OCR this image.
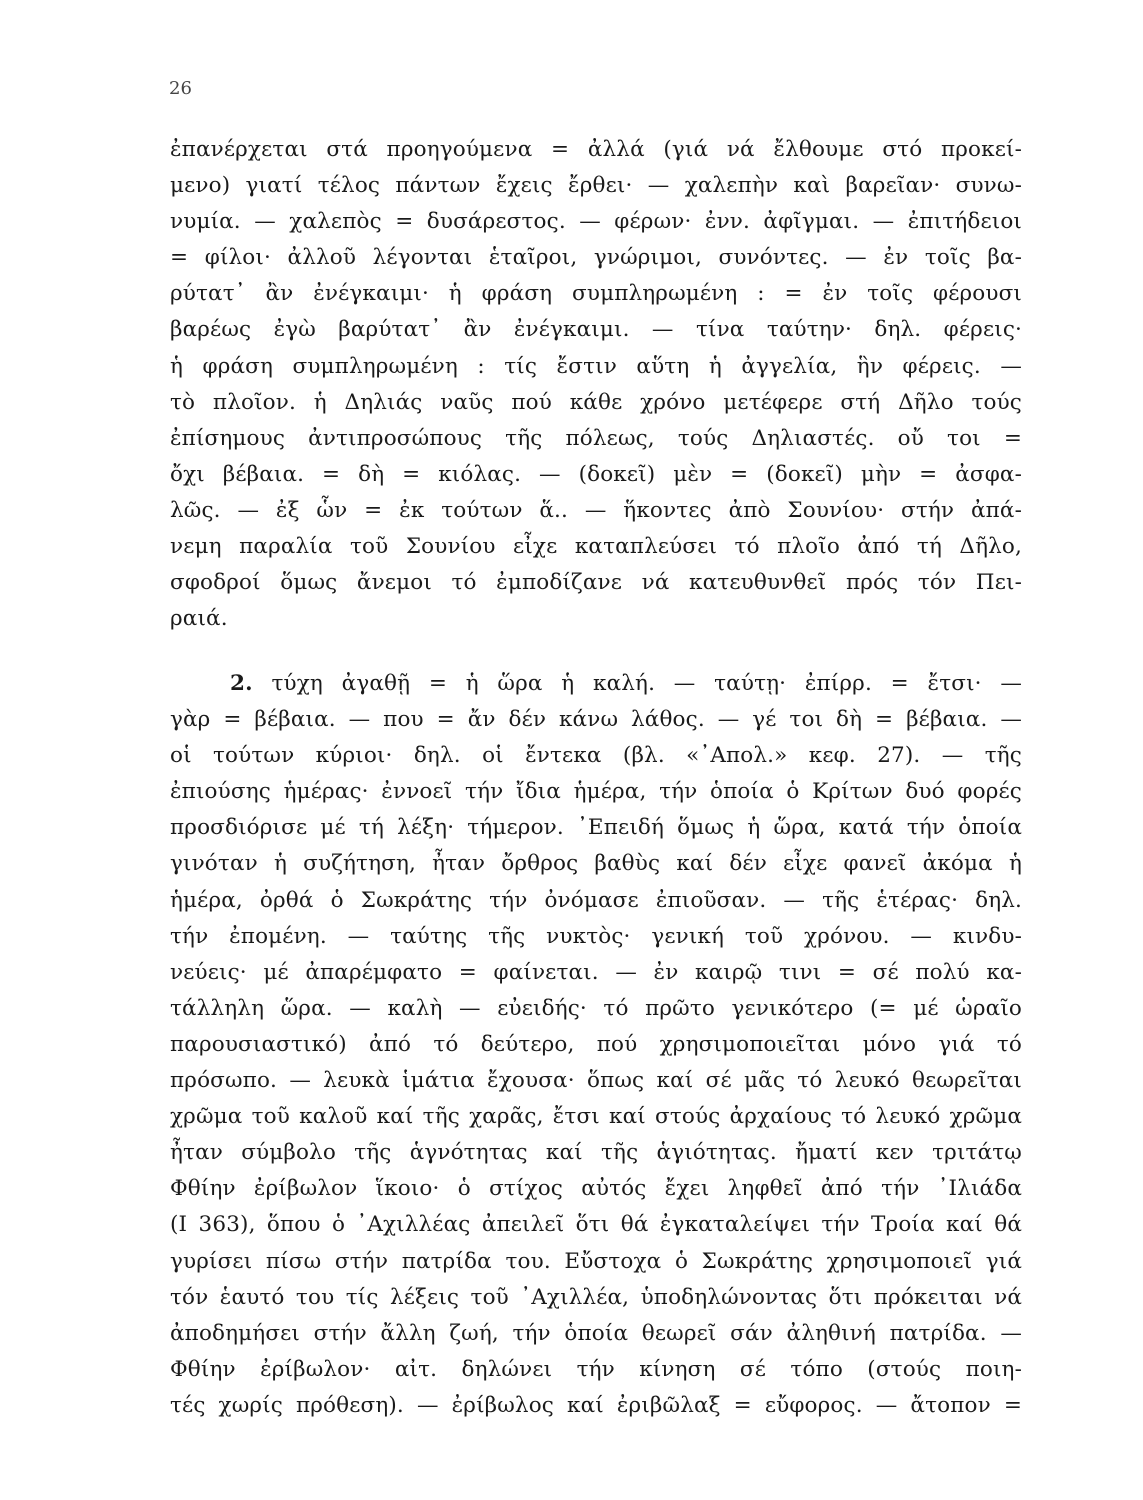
26
ἐπανέρχεται στά προηγούμενα = ἀλλά (γιά νά ἔλθουμε στό προκεί-
μενο) γιατί τέλος πάντων ἔχεις ἔρθει· — χαλεπὴν καὶ βαρεῖαν· συνω-
νυμία. — χαλεπὸς = δυσάρεστος. — φέρων· ἐνν. ἀφῖγμαι. — ἐπιτήδειοι
= φίλοι· ἀλλοῦ λέγονται ἑταῖροι, γνώριμοι, συνόντες. — ἐν τοῖς βα-
ρύτατ᾽ ἂν ἐνέγκαιμι· ἡ φράση συμπληρωμένη : = ἐν τοῖς φέρουσι
βαρέως ἐγὼ βαρύτατ᾽ ἂν ἐνέγκαιμι. — τίνα ταύτην· δηλ. φέρεις·
ἡ φράση συμπληρωμένη : τίς ἔστιν αὕτη ἡ ἀγγελία, ἣν φέρεις. —
τὸ πλοῖον. ἡ Δηλιάς ναῦς πού κάθε χρόνο μετέφερε στή Δῆλο τούς
ἐπίσημους ἀντιπροσώπους τῆς πόλεως, τούς Δηλιαστές. οὔ τοι =
ὄχι βέβαια. = δὴ = κιόλας. — (δοκεῖ) μὲν = (δοκεῖ) μὴν = ἀσφα-
λῶς. — ἐξ ὧν = ἐκ τούτων ἅ.. — ἥκοντες ἀπὸ Σουνίου· στήν ἀπά-
νεμη παραλία τοῦ Σουνίου εἶχε καταπλεύσει τό πλοῖο ἀπό τή Δῆλο,
σφοδροί ὅμως ἄνεμοι τό ἐμποδίζανε νά κατευθυνθεῖ πρός τόν Πει-
ραιά.
2. τύχη ἀγαθῇ = ἡ ὥρα ἡ καλή. — ταύτῃ· ἐπίρρ. = ἔτσι· —
γὰρ = βέβαια. — που = ἄν δέν κάνω λάθος. — γέ τοι δὴ = βέβαια. —
οἱ τούτων κύριοι· δηλ. οἱ ἔντεκα (βλ. «᾿Απολ.» κεφ. 27). — τῆς
ἐπιούσης ἡμέρας· ἐννοεῖ τήν ἴδια ἡμέρα, τήν ὁποία ὁ Κρίτων δυό φορές
προσδιόρισε μέ τή λέξη· τήμερον. ᾿Επειδή ὅμως ἡ ὥρα, κατά τήν ὁποία
γινόταν ἡ συζήτηση, ἦταν ὄρθρος βαθὺς καί δέν εἶχε φανεῖ ἀκόμα ἡ
ἡμέρα, ὀρθά ὁ Σωκράτης τήν ὀνόμασε ἐπιοῦσαν. — τῆς ἑτέρας· δηλ.
τήν ἐπομένη. — ταύτης τῆς νυκτὸς· γενική τοῦ χρόνου. — κινδυ-
νεύεις· μέ ἀπαρέμφατο = φαίνεται. — ἐν καιρῷ τινι = σέ πολύ κα-
τάλληλη ὥρα. — καλὴ — εὐειδής· τό πρῶτο γενικότερο (= μέ ὡραῖο
παρουσιαστικό) ἀπό τό δεύτερο, πού χρησιμοποιεῖται μόνο γιά τό
πρόσωπο. — λευκὰ ἱμάτια ἔχουσα· ὅπως καί σέ μᾶς τό λευκό θεωρεῖται
χρῶμα τοῦ καλοῦ καί τῆς χαρᾶς, ἔτσι καί στούς ἀρχαίους τό λευκό χρῶμα
ἦταν σύμβολο τῆς ἁγνότητας καί τῆς ἁγιότητας. ἤματί κεν τριτάτῳ
Φθίην ἐρίβωλον ἵκοιο· ὁ στίχος αὐτός ἔχει ληφθεῖ ἀπό τήν ᾿Ιλιάδα
(Ι 363), ὅπου ὁ ᾿Αχιλλέας ἀπειλεῖ ὅτι θά ἐγκαταλείψει τήν Τροία καί θά
γυρίσει πίσω στήν πατρίδα του. Εὔστοχα ὁ Σωκράτης χρησιμοποιεῖ γιά
τόν ἑαυτό του τίς λέξεις τοῦ ᾿Αχιλλέα, ὑποδηλώνοντας ὅτι πρόκειται νά
ἀποδημήσει στήν ἄλλη ζωή, τήν ὁποία θεωρεῖ σάν ἀληθινή πατρίδα. —
Φθίην ἐρίβωλον· αἰτ. δηλώνει τήν κίνηση σέ τόπο (στούς ποιη-
τές χωρίς πρόθεση). — ἐρίβωλος καί ἐριβῶλαξ = εὔφορος. — ἄτοπον =
